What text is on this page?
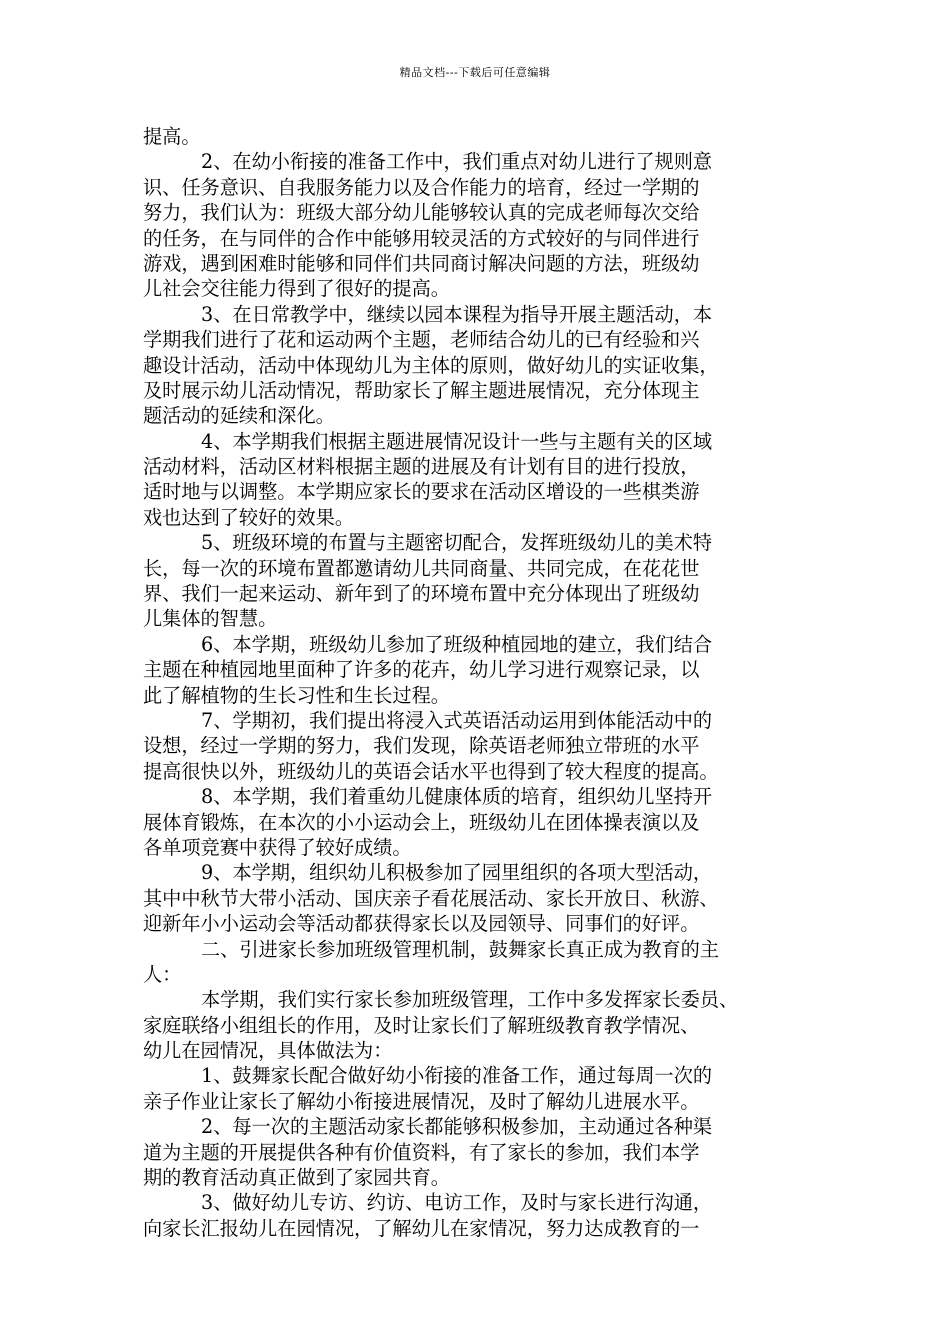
精品文档---下载后可任意编辑
提高。
2、在幼小衔接的准备工作中，我们重点对幼儿进行了规则意
识、任务意识、自我服务能力以及合作能力的培育，经过一学期的
努力，我们认为：班级大部分幼儿能够较认真的完成老师每次交给
的任务，在与同伴的合作中能够用较灵活的方式较好的与同伴进行
游戏，遇到困难时能够和同伴们共同商讨解决问题的方法，班级幼
儿社会交往能力得到了很好的提高。
3、在日常教学中，继续以园本课程为指导开展主题活动，本
学期我们进行了花和运动两个主题，老师结合幼儿的已有经验和兴
趣设计活动，活动中体现幼儿为主体的原则，做好幼儿的实证收集，
及时展示幼儿活动情况，帮助家长了解主题进展情况，充分体现主
题活动的延续和深化。
4、本学期我们根据主题进展情况设计一些与主题有关的区域
活动材料，活动区材料根据主题的进展及有计划有目的进行投放，
适时地与以调整。本学期应家长的要求在活动区增设的一些棋类游
戏也达到了较好的效果。
5、班级环境的布置与主题密切配合，发挥班级幼儿的美术特
长，每一次的环境布置都邀请幼儿共同商量、共同完成，在花花世
界、我们一起来运动、新年到了的环境布置中充分体现出了班级幼
儿集体的智慧。
6、本学期，班级幼儿参加了班级种植园地的建立，我们结合
主题在种植园地里面种了许多的花卉，幼儿学习进行观察记录，以
此了解植物的生长习性和生长过程。
7、学期初，我们提出将浸入式英语活动运用到体能活动中的
设想，经过一学期的努力，我们发现，除英语老师独立带班的水平
提高很快以外，班级幼儿的英语会话水平也得到了较大程度的提高。
8、本学期，我们着重幼儿健康体质的培育，组织幼儿坚持开
展体育锻炼，在本次的小小运动会上，班级幼儿在团体操表演以及
各单项竞赛中获得了较好成绩。
9、本学期，组织幼儿积极参加了园里组织的各项大型活动，
其中中秋节大带小活动、国庆亲子看花展活动、家长开放日、秋游、
迎新年小小运动会等活动都获得家长以及园领导、同事们的好评。
二、引进家长参加班级管理机制，鼓舞家长真正成为教育的主
人：
本学期，我们实行家长参加班级管理，工作中多发挥家长委员、
家庭联络小组组长的作用，及时让家长们了解班级教育教学情况、
幼儿在园情况，具体做法为：
1、鼓舞家长配合做好幼小衔接的准备工作，通过每周一次的
亲子作业让家长了解幼小衔接进展情况，及时了解幼儿进展水平。
2、每一次的主题活动家长都能够积极参加，主动通过各种渠
道为主题的开展提供各种有价值资料，有了家长的参加，我们本学
期的教育活动真正做到了家园共育。
3、做好幼儿专访、约访、电访工作，及时与家长进行沟通，
向家长汇报幼儿在园情况，了解幼儿在家情况，努力达成教育的一
